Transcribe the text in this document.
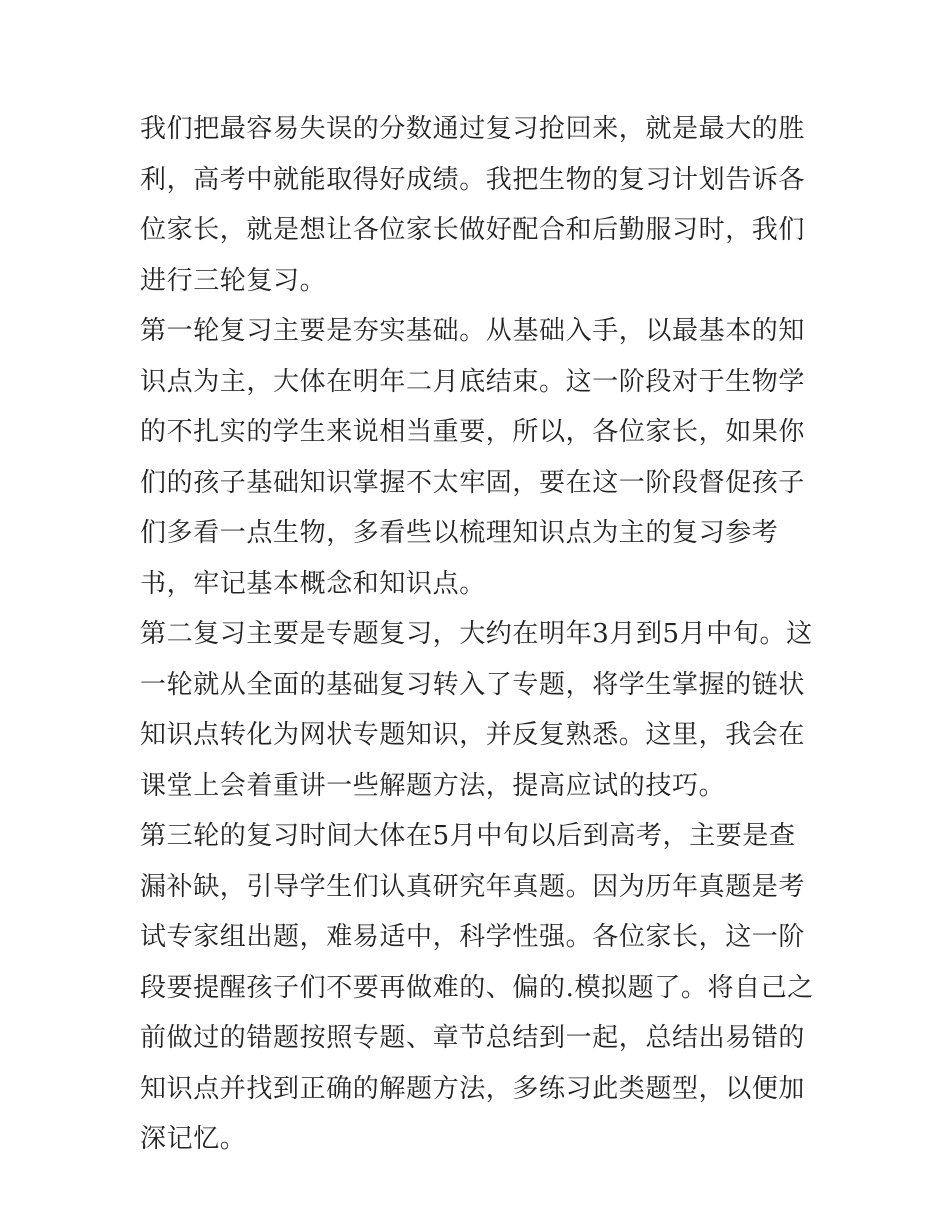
我们把最容易失误的分数通过复习抢回来，就是最大的胜利，高考中就能取得好成绩。我把生物的复习计划告诉各位家长，就是想让各位家长做好配合和后勤服习时，我们进行三轮复习。

第一轮复习主要是夯实基础。从基础入手，以最基本的知识点为主，大体在明年二月底结束。这一阶段对于生物学的不扎实的学生来说相当重要，所以，各位家长，如果你们的孩子基础知识掌握不太牢固，要在这一阶段督促孩子们多看一点生物，多看些以梳理知识点为主的复习参考书，牢记基本概念和知识点。

第二复习主要是专题复习，大约在明年3月到5月中旬。这一轮就从全面的基础复习转入了专题，将学生掌握的链状知识点转化为网状专题知识，并反复熟悉。这里，我会在课堂上会着重讲一些解题方法，提高应试的技巧。

第三轮的复习时间大体在5月中旬以后到高考，主要是查漏补缺，引导学生们认真研究年真题。因为历年真题是考试专家组出题，难易适中，科学性强。各位家长，这一阶段要提醒孩子们不要再做难的、偏的.模拟题了。将自己之前做过的错题按照专题、章节总结到一起，总结出易错的知识点并找到正确的解题方法，多练习此类题型，以便加深记忆。
